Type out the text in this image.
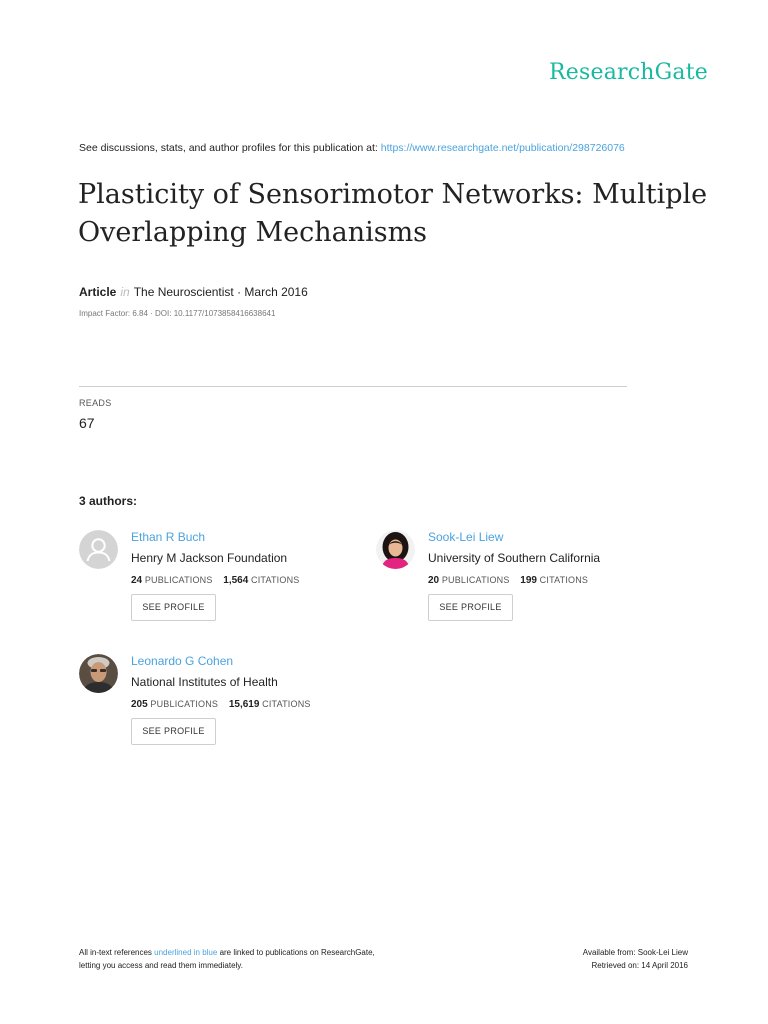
ResearchGate
See discussions, stats, and author profiles for this publication at: https://www.researchgate.net/publication/298726076
Plasticity of Sensorimotor Networks: Multiple Overlapping Mechanisms
Article in The Neuroscientist · March 2016
Impact Factor: 6.84 · DOI: 10.1177/1073858416638641
READS
67
3 authors:
Ethan R Buch
Henry M Jackson Foundation
24 PUBLICATIONS 1,564 CITATIONS
SEE PROFILE
Sook-Lei Liew
University of Southern California
20 PUBLICATIONS 199 CITATIONS
SEE PROFILE
Leonardo G Cohen
National Institutes of Health
205 PUBLICATIONS 15,619 CITATIONS
SEE PROFILE
All in-text references underlined in blue are linked to publications on ResearchGate,
letting you access and read them immediately.
Available from: Sook-Lei Liew
Retrieved on: 14 April 2016
